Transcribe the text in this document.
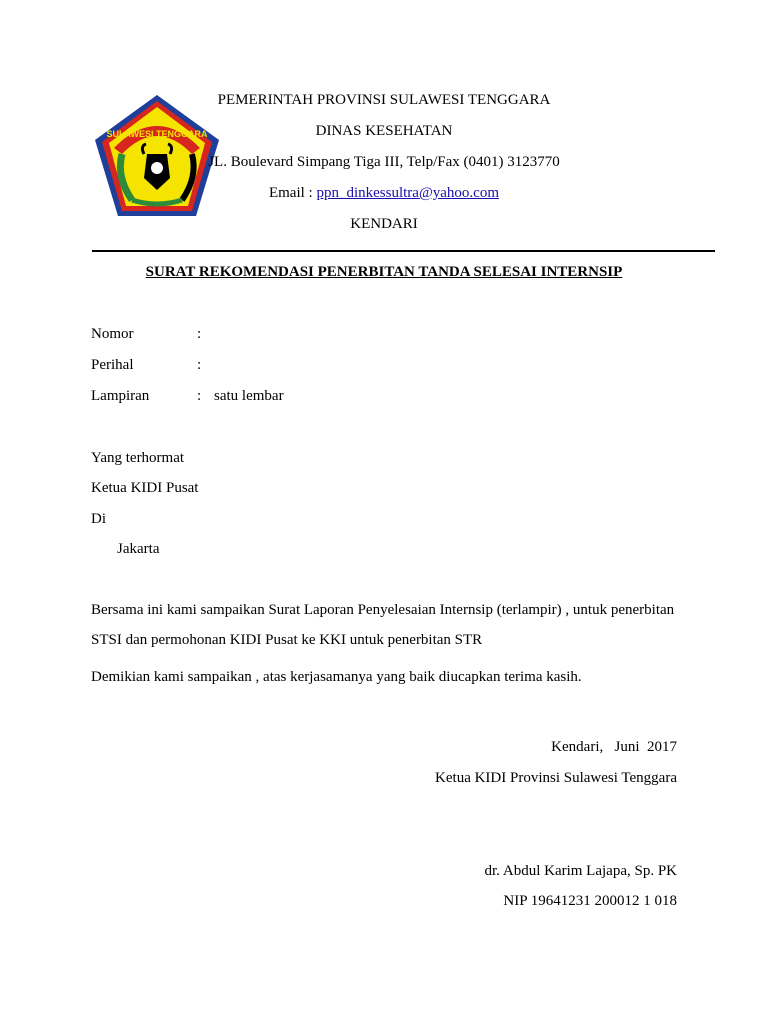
SULAWESI TENGGARA
PEMERINTAH PROVINSI SULAWESI TENGGARA
DINAS KESEHATAN
JL. Boulevard Simpang Tiga III, Telp/Fax (0401) 3123770
Email : ppn_dinkessultra@yahoo.com
KENDARI
SURAT REKOMENDASI PENERBITAN TANDA SELESAI INTERNSIP
Nomor	:
Perihal	:
Lampiran	: satu lembar
Yang terhormat
Ketua KIDI Pusat
Di
Jakarta
Bersama ini kami sampaikan Surat Laporan Penyelesaian Internsip (terlampir) , untuk penerbitan
STSI dan permohonan KIDI Pusat ke KKI untuk penerbitan STR
Demikian kami sampaikan , atas kerjasamanya yang baik diucapkan terima kasih.
Kendari,   Juni  2017
Ketua KIDI Provinsi Sulawesi Tenggara
dr. Abdul Karim Lajapa, Sp. PK
NIP 19641231 200012 1 018
